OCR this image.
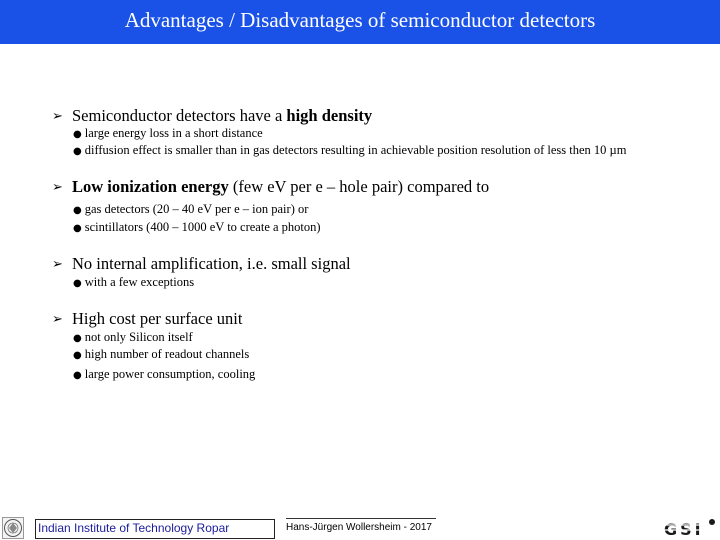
Advantages / Disadvantages of semiconductor detectors
➢ Semiconductor detectors have a high density
● large energy loss in a short distance
● diffusion effect is smaller than in gas detectors resulting in achievable position resolution of less then 10 µm
➢ Low ionization energy (few eV per e – hole pair) compared to
● gas detectors (20 – 40 eV per e – ion pair) or
● scintillators (400 – 1000 eV to create a photon)
➢ No internal amplification, i.e. small signal
● with a few exceptions
➢ High cost per surface unit
● not only Silicon itself
● high number of readout channels
● large power consumption, cooling
Indian Institute of Technology Ropar	Hans-Jürgen Wollersheim - 2017	GSI
